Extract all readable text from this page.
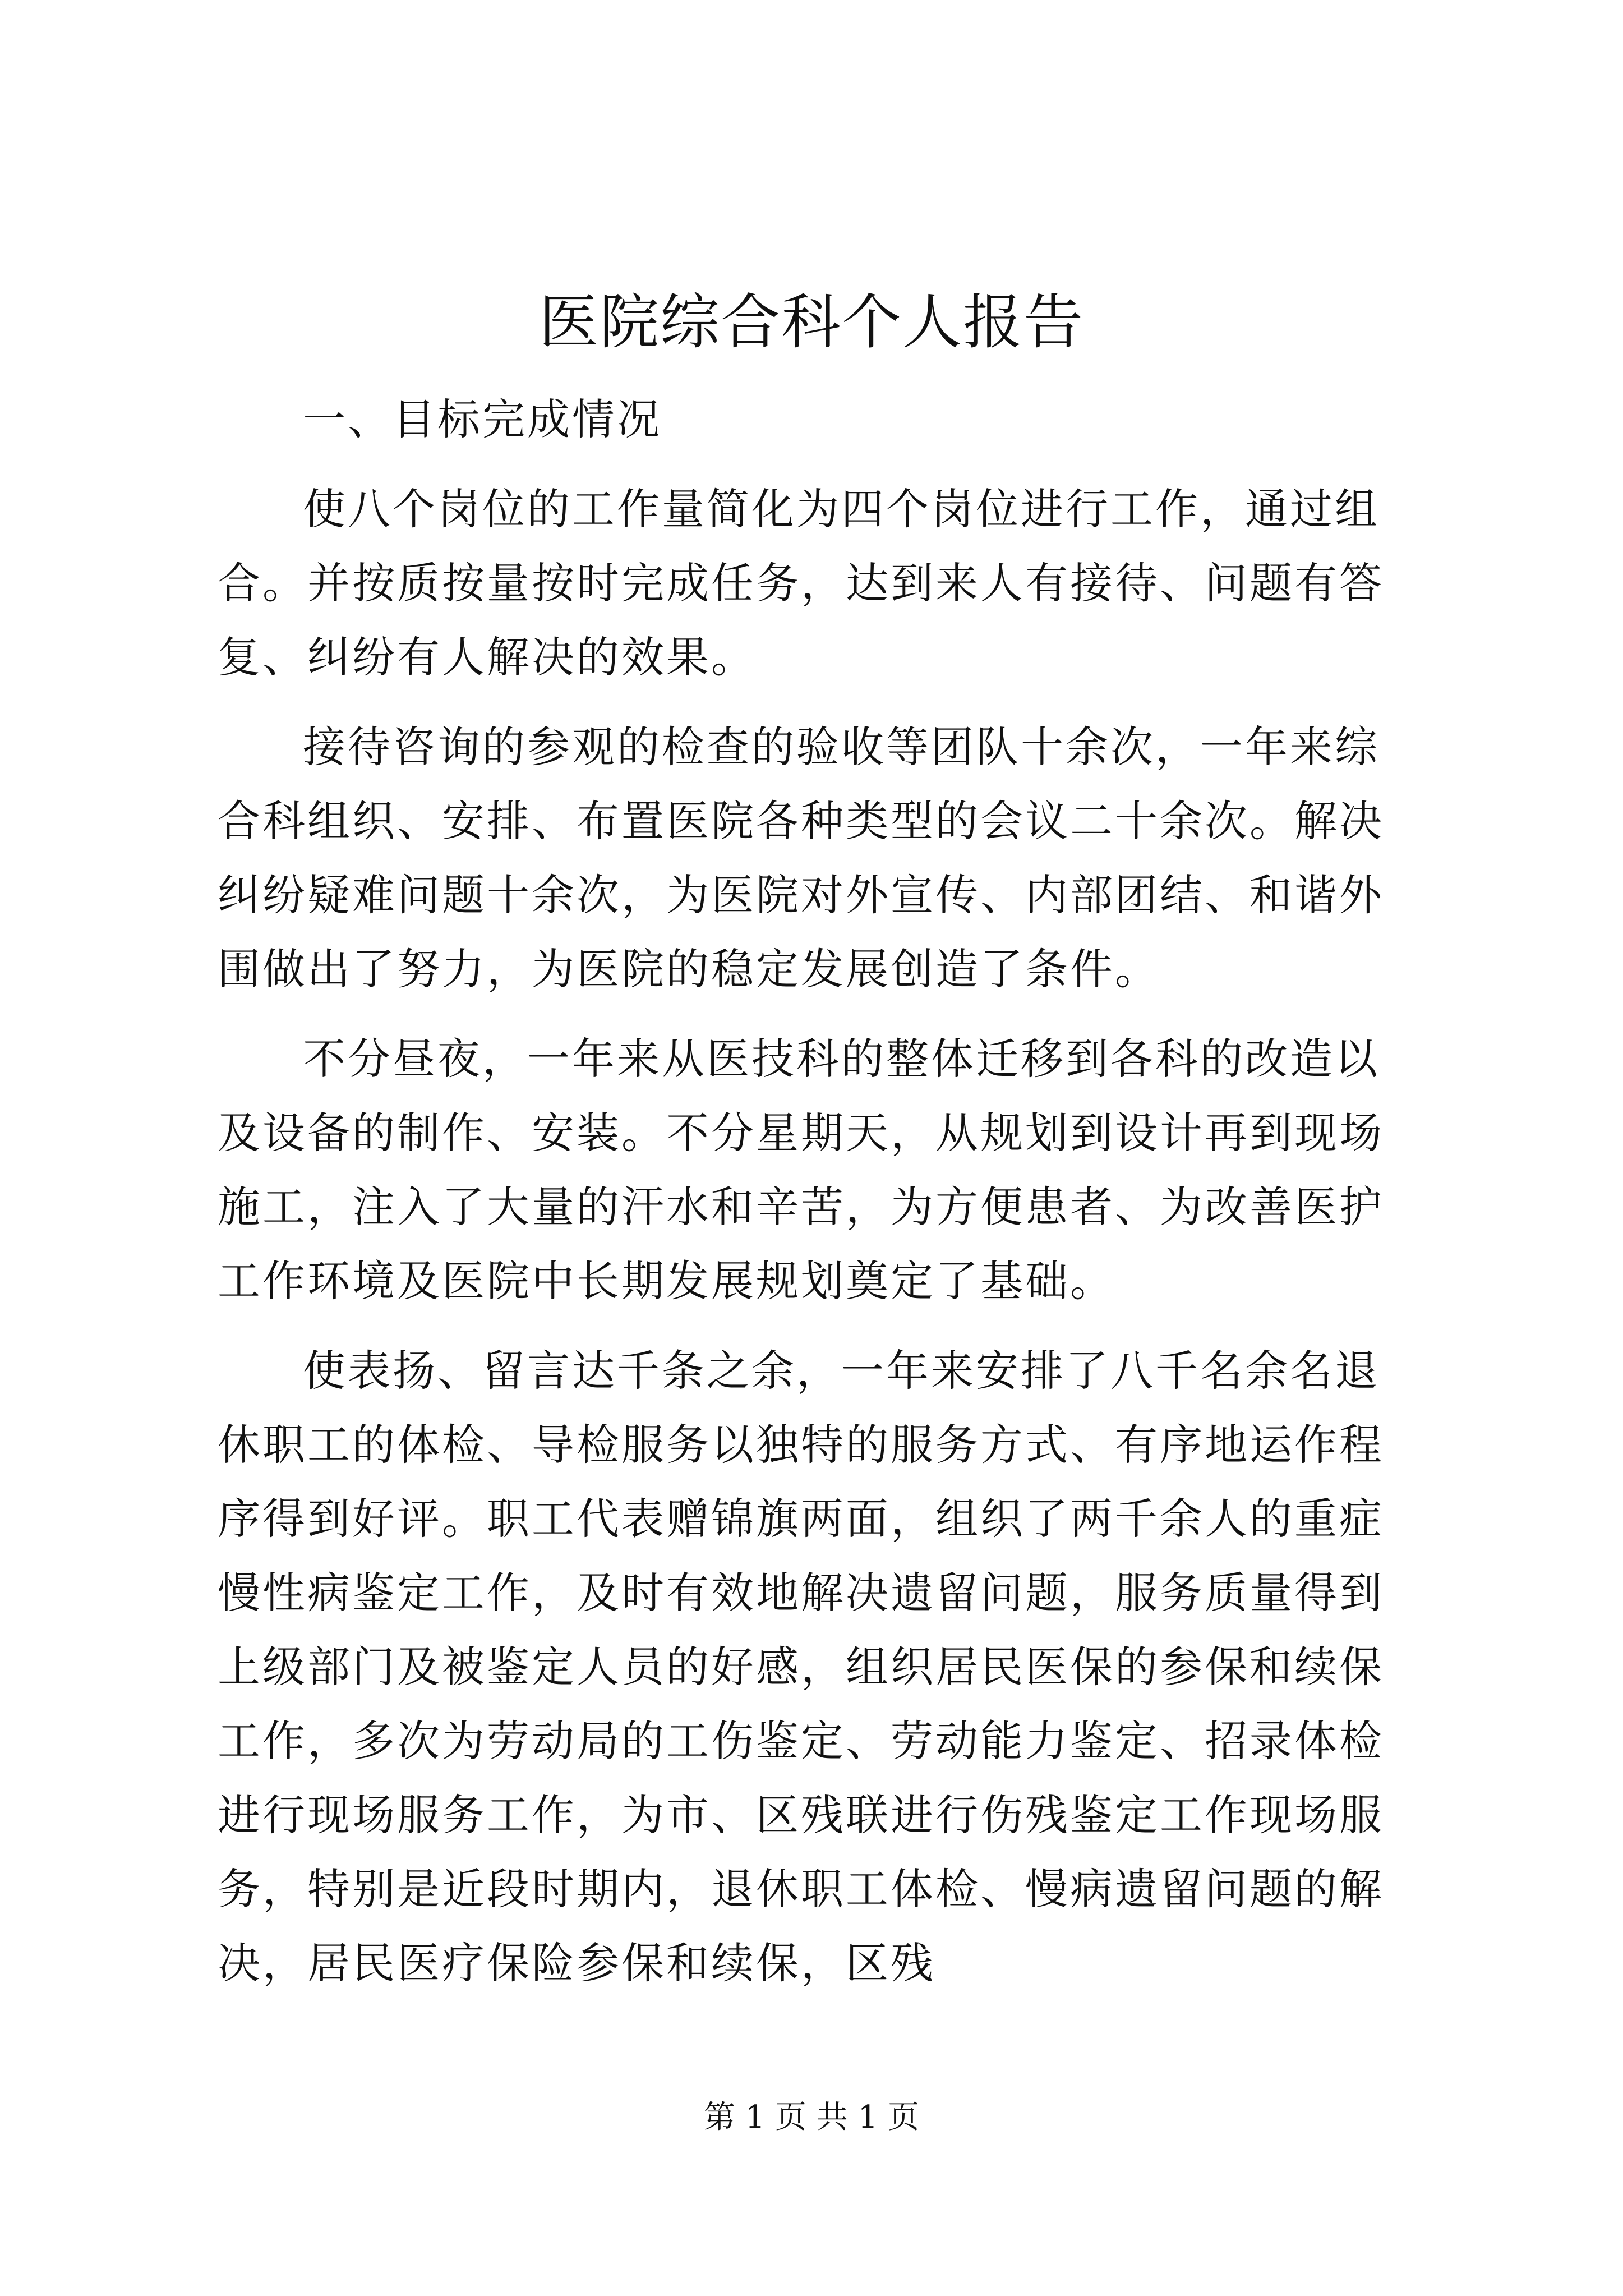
医院综合科个人报告

一、目标完成情况

使八个岗位的工作量简化为四个岗位进行工作，通过组合。并按质按量按时完成任务，达到来人有接待、问题有答复、纠纷有人解决的效果。

接待咨询的参观的检查的验收等团队十余次，一年来综合科组织、安排、布置医院各种类型的会议二十余次。解决纠纷疑难问题十余次，为医院对外宣传、内部团结、和谐外围做出了努力，为医院的稳定发展创造了条件。

不分昼夜，一年来从医技科的整体迁移到各科的改造以及设备的制作、安装。不分星期天，从规划到设计再到现场施工，注入了大量的汗水和辛苦，为方便患者、为改善医护工作环境及医院中长期发展规划奠定了基础。

使表扬、留言达千条之余，一年来安排了八千名余名退休职工的体检、导检服务以独特的服务方式、有序地运作程序得到好评。职工代表赠锦旗两面，组织了两千余人的重症慢性病鉴定工作，及时有效地解决遗留问题，服务质量得到上级部门及被鉴定人员的好感，组织居民医保的参保和续保工作，多次为劳动局的工伤鉴定、劳动能力鉴定、招录体检进行现场服务工作，为市、区残联进行伤残鉴定工作现场服务，特别是近段时期内，退休职工体检、慢病遗留问题的解决，居民医疗保险参保和续保，区残

第 1 页 共 1 页
